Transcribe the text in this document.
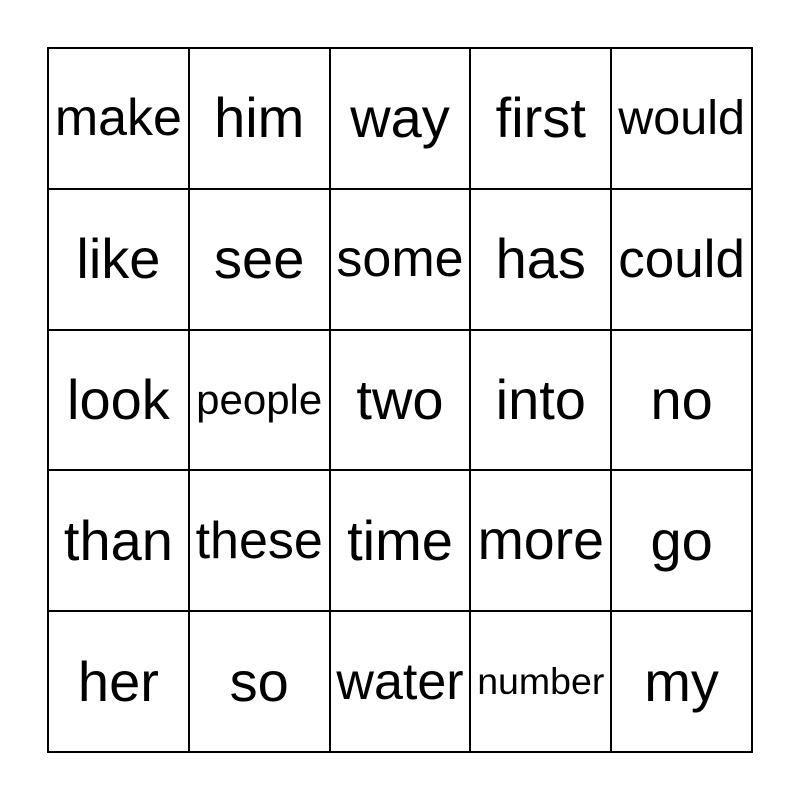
make him way first would
like see some has could
look people two into no
than these time more go
her so water number my
